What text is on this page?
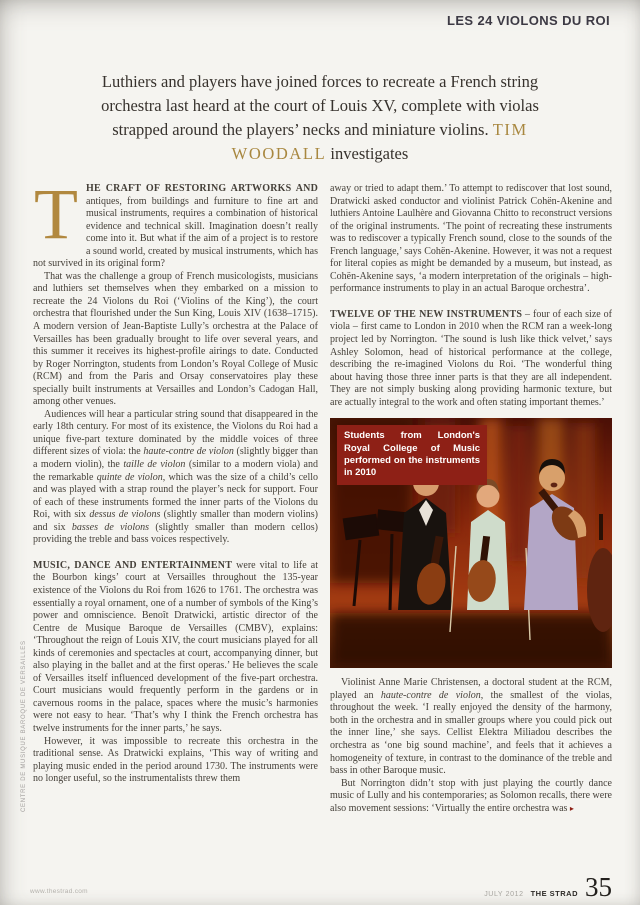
LES 24 VIOLONS DU ROI
Luthiers and players have joined forces to recreate a French string orchestra last heard at the court of Louis XV, complete with violas strapped around the players’ necks and miniature violins. TIM WOODALL investigates

THE CRAFT OF RESTORING ARTWORKS AND antiques, from buildings and furniture to fine art and musical instruments, requires a combination of historical evidence and technical skill. Imagination doesn’t really come into it. But what if the aim of a project is to restore a sound world, created by musical instruments, which has not survived in its original form?

That was the challenge a group of French musicologists, musicians and luthiers set themselves when they embarked on a mission to recreate the 24 Violons du Roi (‘Violins of the King’), the court orchestra that flourished under the Sun King, Louis XIV (1638–1715). A modern version of Jean-Baptiste Lully’s orchestra at the Palace of Versailles has been gradually brought to life over several years, and this summer it receives its highest-profile airings to date. Conducted by Roger Norrington, students from London’s Royal College of Music (RCM) and from the Paris and Orsay conservatoires play these specially built instruments at Versailles and London’s Cadogan Hall, among other venues.

Audiences will hear a particular string sound that disappeared in the early 18th century. For most of its existence, the Violons du Roi had a unique five-part texture dominated by the middle voices of three different sizes of viola: the haute-contre de violon (slightly bigger than a modern violin), the taille de violon (similar to a modern viola) and the remarkable quinte de violon, which was the size of a child’s cello and was played with a strap round the player’s neck for support. Four of each of these instruments formed the inner parts of the Violons du Roi, with six dessus de violons (slightly smaller than modern violins) and six basses de violons (slightly smaller than modern cellos) providing the treble and bass voices respectively.

MUSIC, DANCE AND ENTERTAINMENT were vital to life at the Bourbon kings’ court at Versailles throughout the 135-year existence of the Violons du Roi from 1626 to 1761. The orchestra was essentially a royal ornament, one of a number of symbols of the King’s power and omniscience. Benoît Dratwicki, artistic director of the Centre de Musique Baroque de Versailles (CMBV), explains: ‘Throughout the reign of Louis XIV, the court musicians played for all kinds of ceremonies and spectacles at court, accompanying dinner, but also playing in the ballet and at the first operas.’ He believes the scale of Versailles itself influenced development of the five-part orchestra. Court musicians would frequently perform in the gardens or in cavernous rooms in the palace, spaces where the music’s harmonies were not easy to hear. ‘That’s why I think the French orchestra has twelve instruments for the inner parts,’ he says.

However, it was impossible to recreate this orchestra in the traditional sense. As Dratwicki explains, ‘This way of writing and playing music ended in the period around 1730. The instruments were no longer useful, so the instrumentalists threw them

away or tried to adapt them.’ To attempt to rediscover that lost sound, Dratwicki asked conductor and violinist Patrick Cohën-Akenine and luthiers Antoine Laulhère and Giovanna Chitto to reconstruct versions of the original instruments. ‘The point of recreating these instruments was to rediscover a typically French sound, close to the sounds of the French language,’ says Cohën-Akenine. However, it was not a request for literal copies as might be demanded by a museum, but instead, as Cohën-Akenine says, ‘a modern interpretation of the originals – high-performance instruments to play in an actual Baroque orchestra’.

TWELVE OF THE NEW INSTRUMENTS – four of each size of viola – first came to London in 2010 when the RCM ran a week-long project led by Norrington. ‘The sound is lush like thick velvet,’ says Ashley Solomon, head of historical performance at the college, describing the re-imagined Violons du Roi. ‘The wonderful thing about having those three inner parts is that they are all independent. They are not simply busking along providing harmonic texture, but are actually integral to the work and often stating important themes.’

Students from London's Royal College of Music performed on the instruments in 2010

Violinist Anne Marie Christensen, a doctoral student at the RCM, played an haute-contre de violon, the smallest of the violas, throughout the week. ‘I really enjoyed the density of the harmony, both in the orchestra and in smaller groups where you could pick out the inner line,’ she says. Cellist Elektra Miliadou describes the orchestra as ‘one big sound machine’, and feels that it achieves a homogeneity of texture, in contrast to the dominance of the treble and bass in other Baroque music.

But Norrington didn’t stop with just playing the courtly dance music of Lully and his contemporaries; as Solomon recalls, there were also movement sessions: ‘Virtually the entire orchestra was ▸

CENTRE DE MUSIQUE BAROQUE DE VERSAILLES
www.thestrad.com	JULY 2012 THE STRAD 35
